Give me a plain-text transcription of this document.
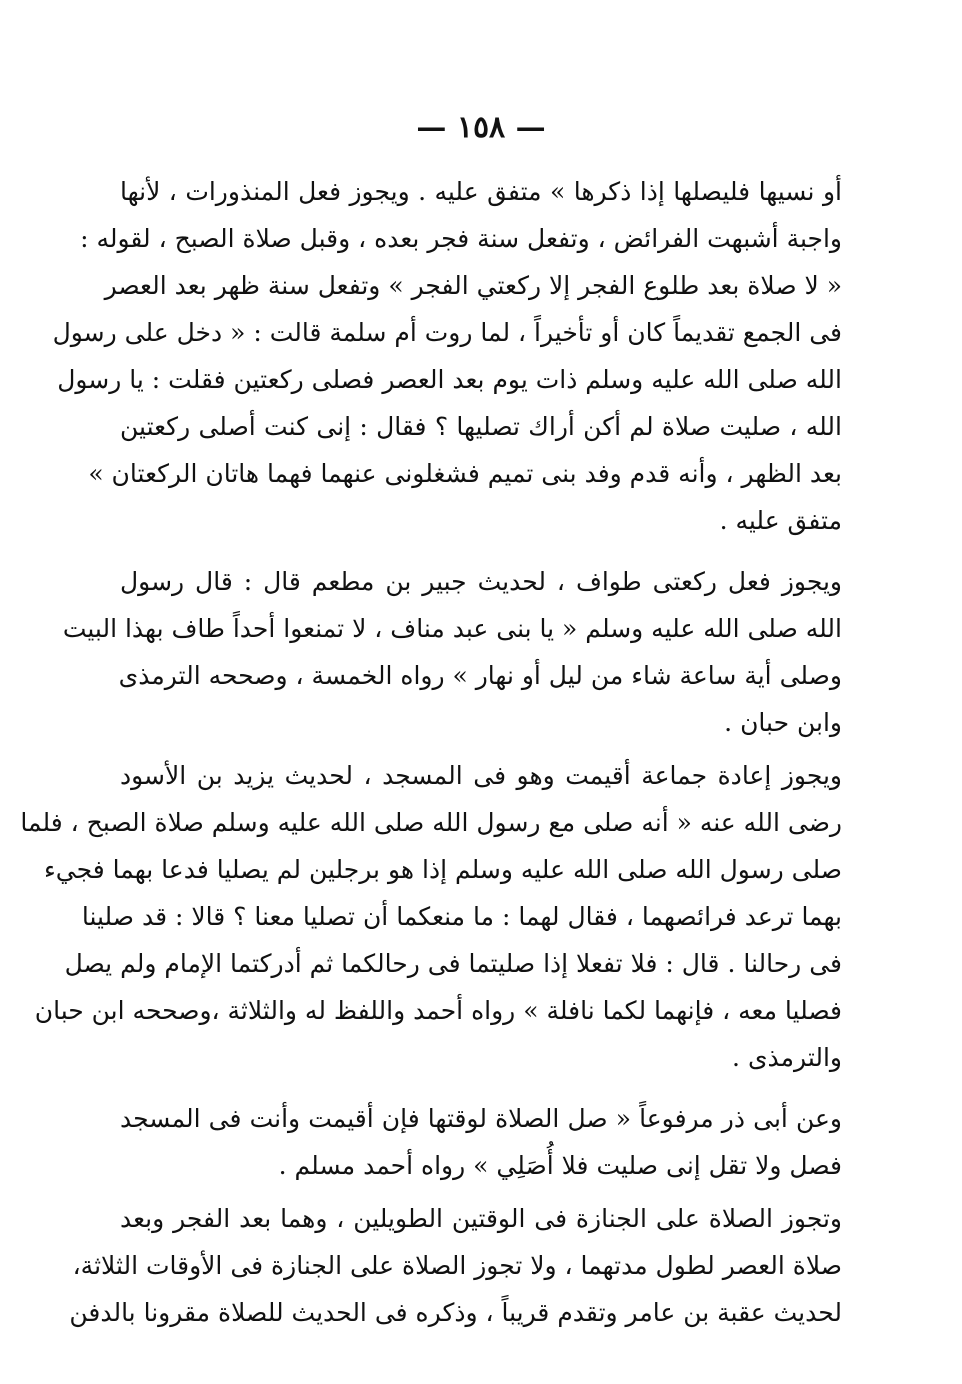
— ١٥٨ —
أو نسيها فليصلها إذا ذكرها » متفق عليه . ويجوز فعل المنذورات ، لأنها
واجبة أشبهت الفرائض ، وتفعل سنة فجر بعده ، وقبل صلاة الصبح ، لقوله :
« لا صلاة بعد طلوع الفجر إلا ركعتي الفجر » وتفعل سنة ظهر بعد العصر
فى الجمع تقديماً كان أو تأخيراً ، لما روت أم سلمة قالت : « دخل على رسول
الله صلى الله عليه وسلم ذات يوم بعد العصر فصلى ركعتين فقلت : يا رسول
الله ، صليت صلاة لم أكن أراك تصليها ؟ فقال : إنى كنت أصلى ركعتين
بعد الظهر ، وأنه قدم وفد بنى تميم فشغلونى عنهما فهما هاتان الركعتان »
متفق عليه .
ويجوز فعل ركعتى طواف ، لحديث جبير بن مطعم قال : قال رسول
الله صلى الله عليه وسلم « يا بنى عبد مناف ، لا تمنعوا أحداً طاف بهذا البيت
وصلى أية ساعة شاء من ليل أو نهار » رواه الخمسة ، وصححه الترمذى
وابن حبان .
ويجوز إعادة جماعة أقيمت وهو فى المسجد ، لحديث يزيد بن الأسود
رضى الله عنه « أنه صلى مع رسول الله صلى الله عليه وسلم صلاة الصبح ، فلما
صلى رسول الله صلى الله عليه وسلم إذا هو برجلين لم يصليا فدعا بهما فجيء
بهما ترعد فرائصهما ، فقال لهما : ما منعكما أن تصليا معنا ؟ قالا : قد صلينا
فى رحالنا . قال : فلا تفعلا إذا صليتما فى رحالكما ثم أدركتما الإمام ولم يصل
فصليا معه ، فإنهما لكما نافلة » رواه أحمد واللفظ له والثلاثة ،وصححه ابن حبان
والترمذى .
وعن أبى ذر مرفوعاً « صل الصلاة لوقتها فإن أقيمت وأنت فى المسجد
فصل ولا تقل إنى صليت فلا أُصَلِي » رواه أحمد مسلم .
وتجوز الصلاة على الجنازة فى الوقتين الطويلين ، وهما بعد الفجر وبعد
صلاة العصر لطول مدتهما ، ولا تجوز الصلاة على الجنازة فى الأوقات الثلاثة،
لحديث عقبة بن عامر وتقدم قريباً ، وذكره فى الحديث للصلاة مقرونا بالدفن
